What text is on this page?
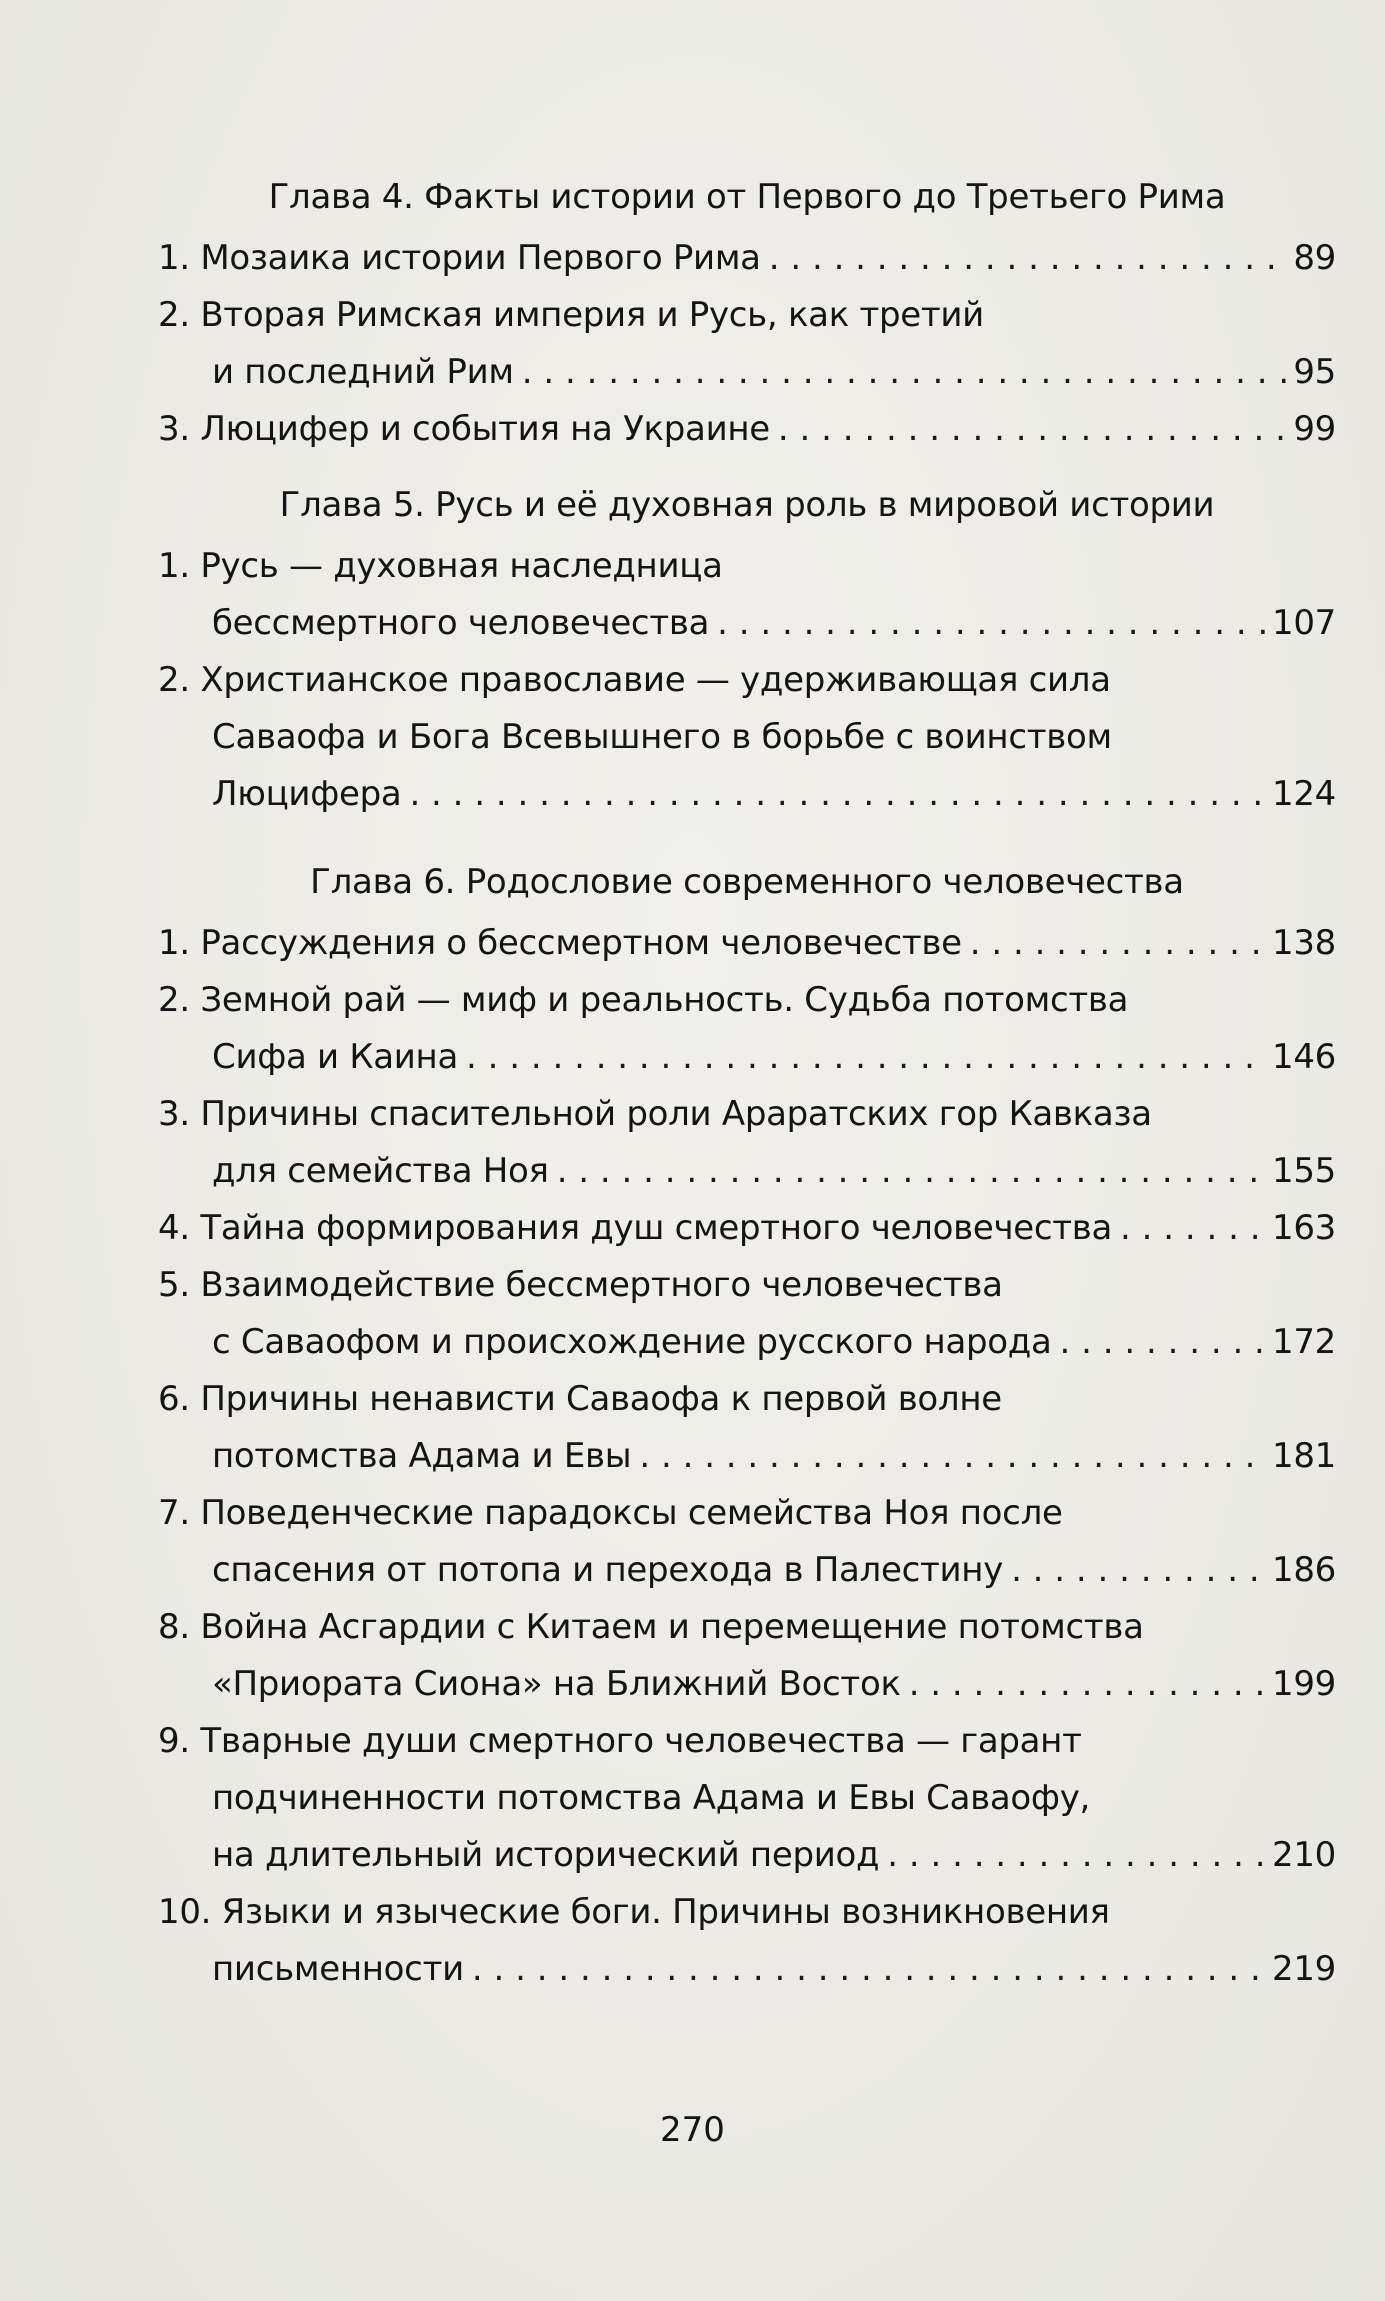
Глава 4. Факты истории от Первого до Третьего Рима
1. Мозаика истории Первого Рима . . .	89
2. Вторая Римская империя и Русь, как третий
и последний Рим . . .	95
3. Люцифер и события на Украине . . .	99
Глава 5. Русь и её духовная роль в мировой истории
1. Русь — духовная наследница
бессмертного человечества . . .	107
2. Христианское православие — удерживающая сила
Саваофа и Бога Всевышнего в борьбе с воинством
Люцифера . . .	124
Глава 6. Родословие современного человечества
1. Рассуждения о бессмертном человечестве . . .	138
2. Земной рай — миф и реальность. Судьба потомства
Сифа и Каина . . .	146
3. Причины спасительной роли Араратских гор Кавказа
для семейства Ноя . . .	155
4. Тайна формирования душ смертного человечества . . .	163
5. Взаимодействие бессмертного человечества
с Саваофом и происхождение русского народа . . .	172
6. Причины ненависти Саваофа к первой волне
потомства Адама и Евы . . .	181
7. Поведенческие парадоксы семейства Ноя после
спасения от потопа и перехода в Палестину . . .	186
8. Война Асгардии с Китаем и перемещение потомства
«Приората Сиона» на Ближний Восток . . .	199
9. Тварные души смертного человечества — гарант
подчиненности потомства Адама и Евы Саваофу,
на длительный исторический период . . .	210
10. Языки и языческие боги. Причины возникновения
письменности . . .	219
270
